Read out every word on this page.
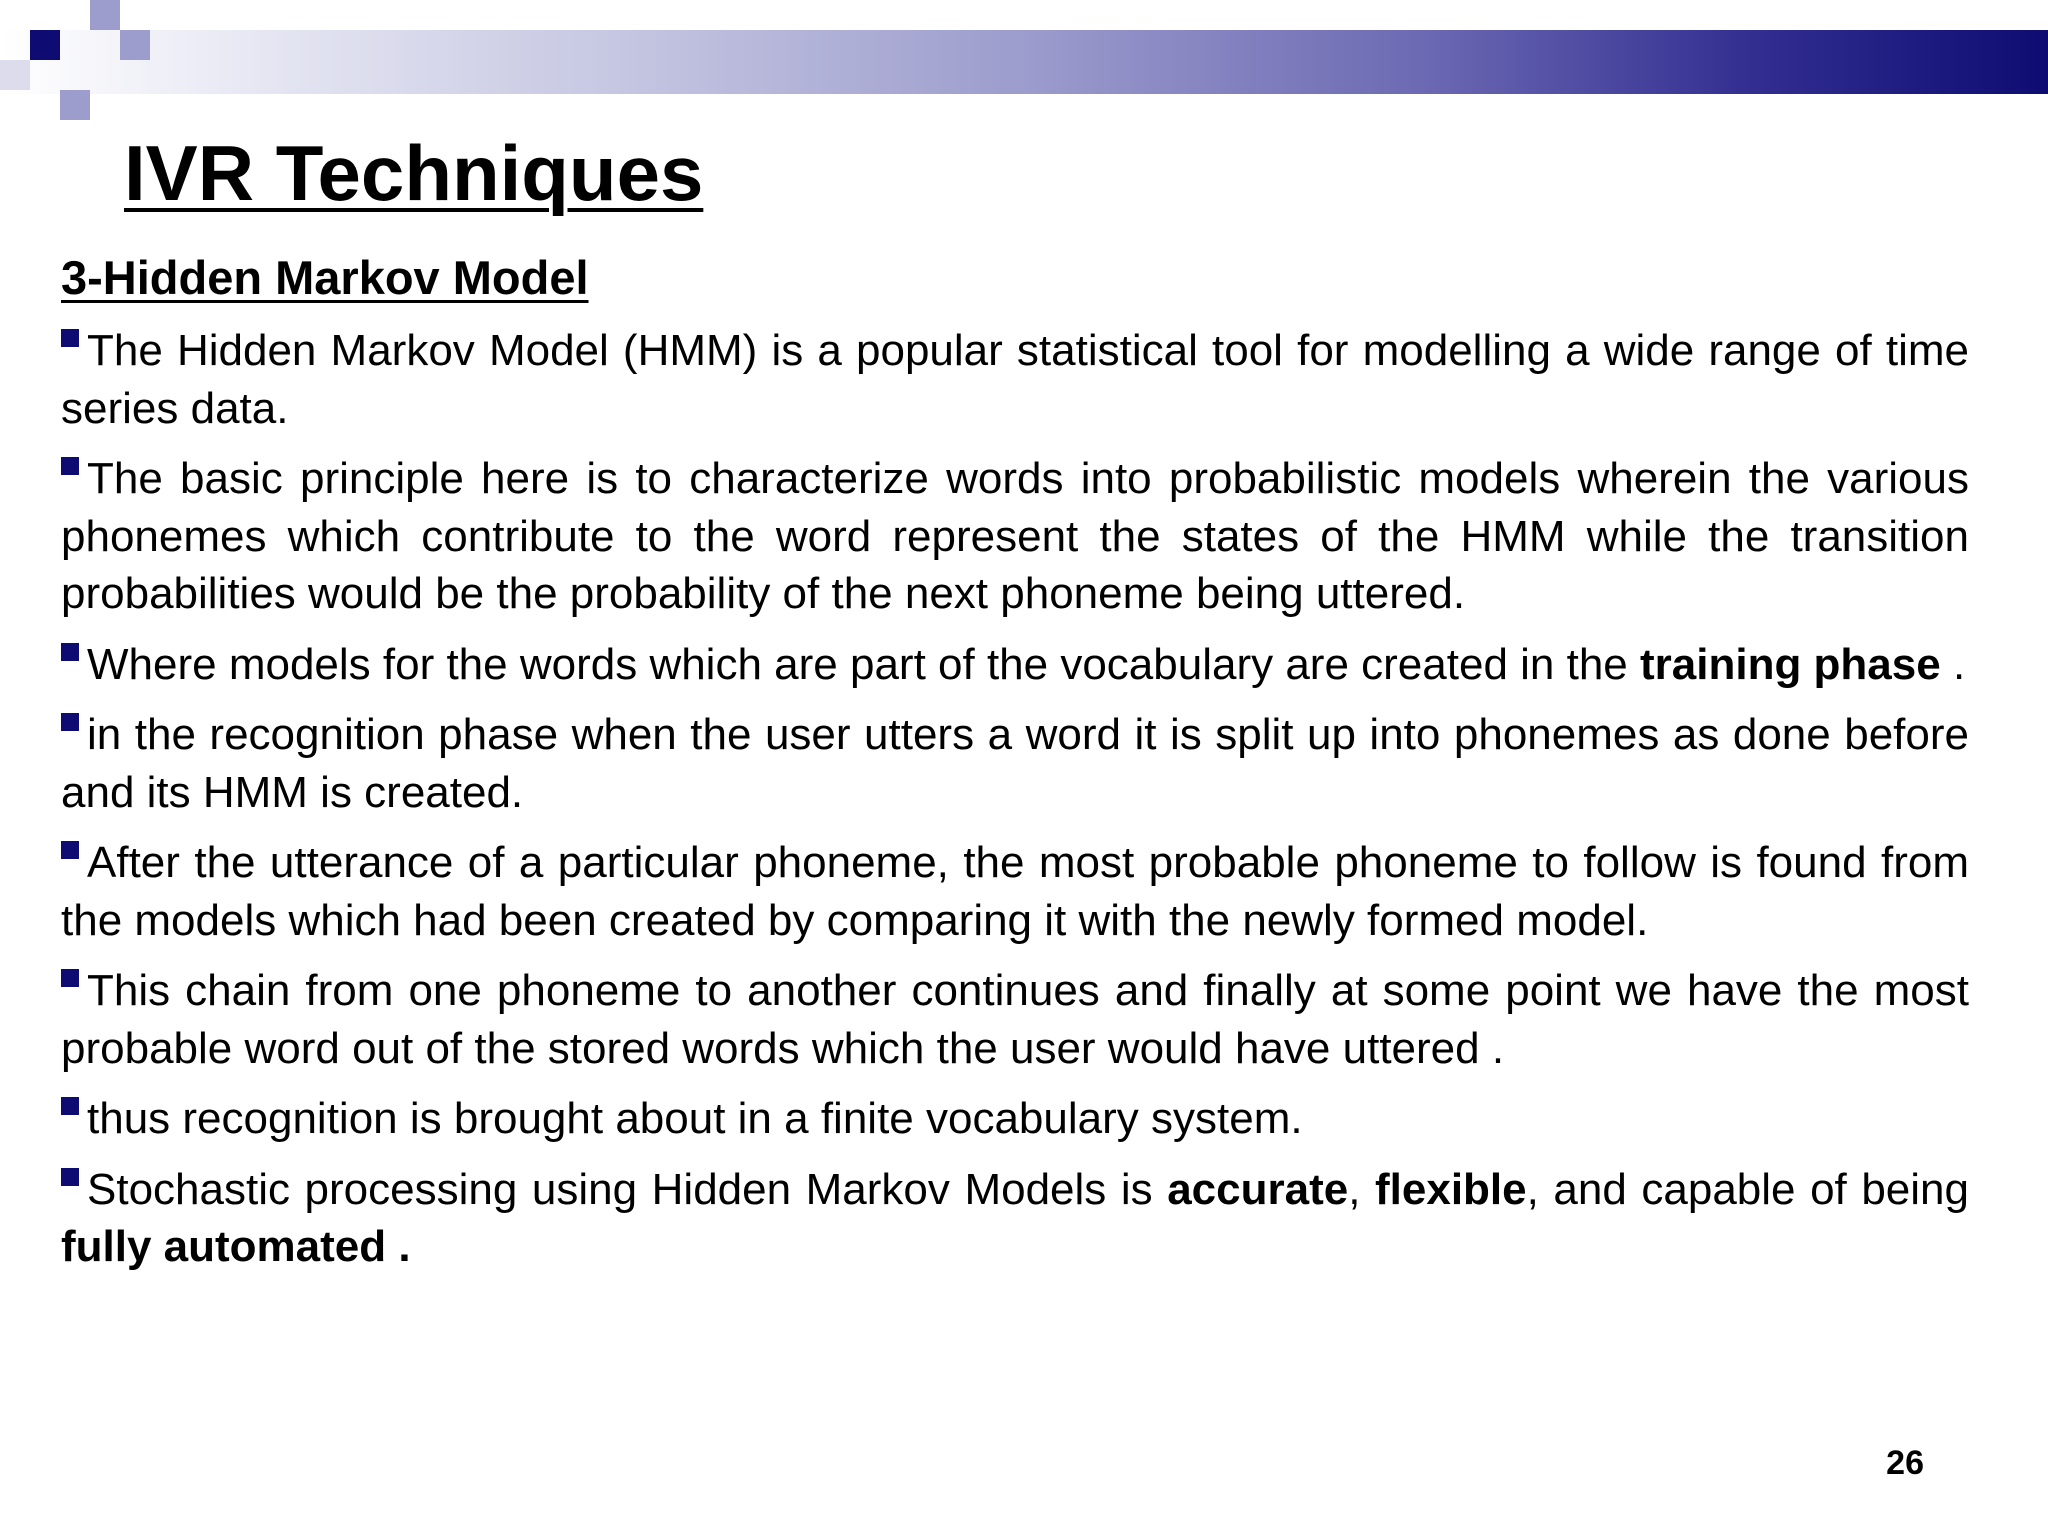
IVR Techniques
3-Hidden Markov Model
The Hidden Markov Model (HMM) is a popular statistical tool for modelling a wide range of time series data.
The basic principle here is to characterize words into probabilistic models wherein the various phonemes which contribute to the word represent the states of the HMM while the transition probabilities would be the probability of the next phoneme being uttered.
Where models for the words which are part of the vocabulary are created in the training phase .
in the recognition phase when the user utters a word it is split up into phonemes as done before and its HMM is created.
After the utterance of a particular phoneme, the most probable phoneme to follow is found from the models which had been created by comparing it with the newly formed model.
This chain from one phoneme to another continues and finally at some point we have the most probable word out of the stored words which the user would have uttered .
thus recognition is brought about in a finite vocabulary system.
Stochastic processing using Hidden Markov Models is accurate, flexible, and capable of being fully automated .
26
